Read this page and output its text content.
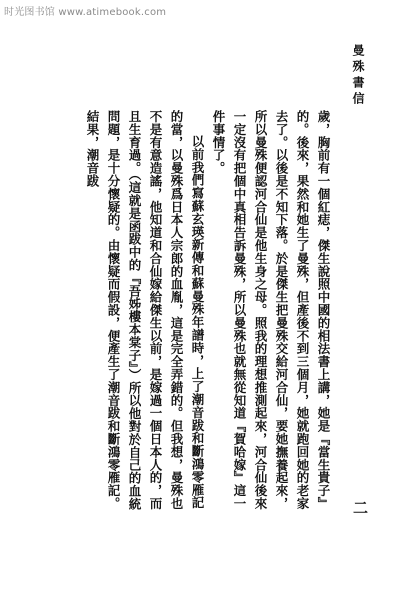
时光图书馆 www.atimebook.com
曼殊書信
二

歲，胸前有一個紅痣，傑生說照中國的相法書上講，她是『當生貴子』的。後來，果然和她生了曼殊，但產後不到三個月，她就跑回她的老家去了。以後是不知下落。於是傑生把曼殊交給河合仙，要她撫養起來，所以曼殊便認河合仙是他生身之母。照我的理想推測起來，河合仙後來一定沒有把個中真相告訴曼殊，所以曼殊也就無從知道『賀哈嫁』這一件事情了。

以前我們寫蘇玄瑛新傳和蘇曼殊年譜時，上了潮音跋和斷鴻零雁記的當，以曼殊爲日本人宗郎的血胤，這是完全弄錯的。但我想，曼殊也不是有意造謠，他知道和合仙嫁給傑生以前，是嫁過一個日本人的，而且生育過。（這就是函跋中的『吾姊樓本棠子』）所以他對於自己的血統問題，是十分懷疑的。由懷疑而假設，便產生了潮音跋和斷鴻零雁記。結果，潮音跋
